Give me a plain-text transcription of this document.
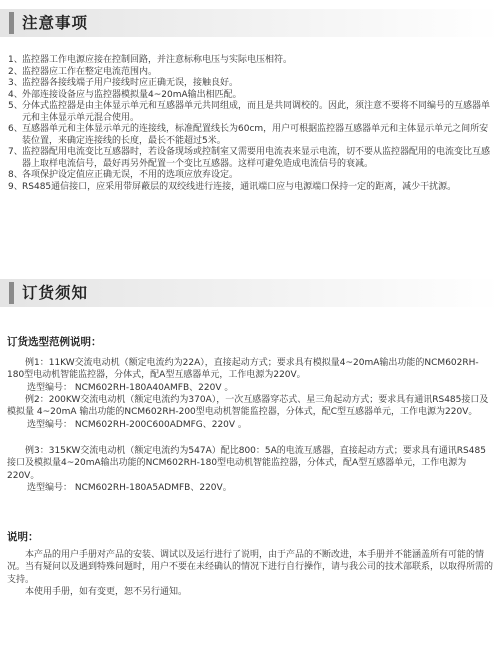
注意事项
1、监控器工作电源应接在控制回路，并注意标称电压与实际电压相符。
2、监控器应工作在整定电流范围内。
3、监控器各接线端子用户接线时应正确无误，接触良好。
4、外部连接设备应与监控器模拟量4~20mA输出相匹配。
5、分体式监控器是由主体显示单元和互感器单元共同组成，而且是共同调校的。因此，须注意不要将不同编号的互感器单元和主体显示单元混合使用。
6、互感器单元和主体显示单元的连接线，标准配置线长为60cm，用户可根据监控器互感器单元和主体显示单元之间所安装位置，来确定连接线的长度，最长不能超过5米。
7、监控器配用电流变比互感器时，若设备现场或控制室又需要用电流表来显示电流，切不要从监控器配用的电流变比互感器上取样电流信号，最好再另外配置一个变比互感器。这样可避免造成电流信号的衰减。
8、各项保护设定值应正确无误，不用的选项应放弃设定。
9、RS485通信接口，应采用带屏蔽层的双绞线进行连接，通讯端口应与电源端口保持一定的距离，减少干扰源。
订货须知
订货选型范例说明：

例1：11KW交流电动机（额定电流约为22A），直接起动方式；要求具有模拟量4~20mA输出功能的NCM602RH-180型电动机智能监控器，分体式，配A型互感器单元，工作电源为220V。

选型编号： NCM602RH-180A40AMFB、220V 。

例2：200KW交流电动机（额定电流约为370A），一次互感器穿芯式、星三角起动方式；要求具有通讯RS485接口及模拟量 4~20mA 输出功能的NCM602RH-200型电动机智能监控器，分体式，配C型互感器单元，工作电源为220V。

选型编号： NCM602RH-200C600ADMFG、220V 。

例3：315KW交流电动机（额定电流约为547A）配比800：5A的电流互感器，直接起动方式；要求具有通讯RS485接口及模拟量4~20mA输出功能的NCM602RH-180型电动机智能监控器，分体式，配A型互感器单元，工作电源为220V。

选型编号： NCM602RH-180A5ADMFB、220V。

说明：

本产品的用户手册对产品的安装、调试以及运行进行了说明，由于产品的不断改进，本手册并不能涵盖所有可能的情况。当有疑问以及遇到特殊问题时，用户不要在未经确认的情况下进行自行操作，请与我公司的技术部联系，以取得所需的支持。

本使用手册，如有变更，恕不另行通知。
